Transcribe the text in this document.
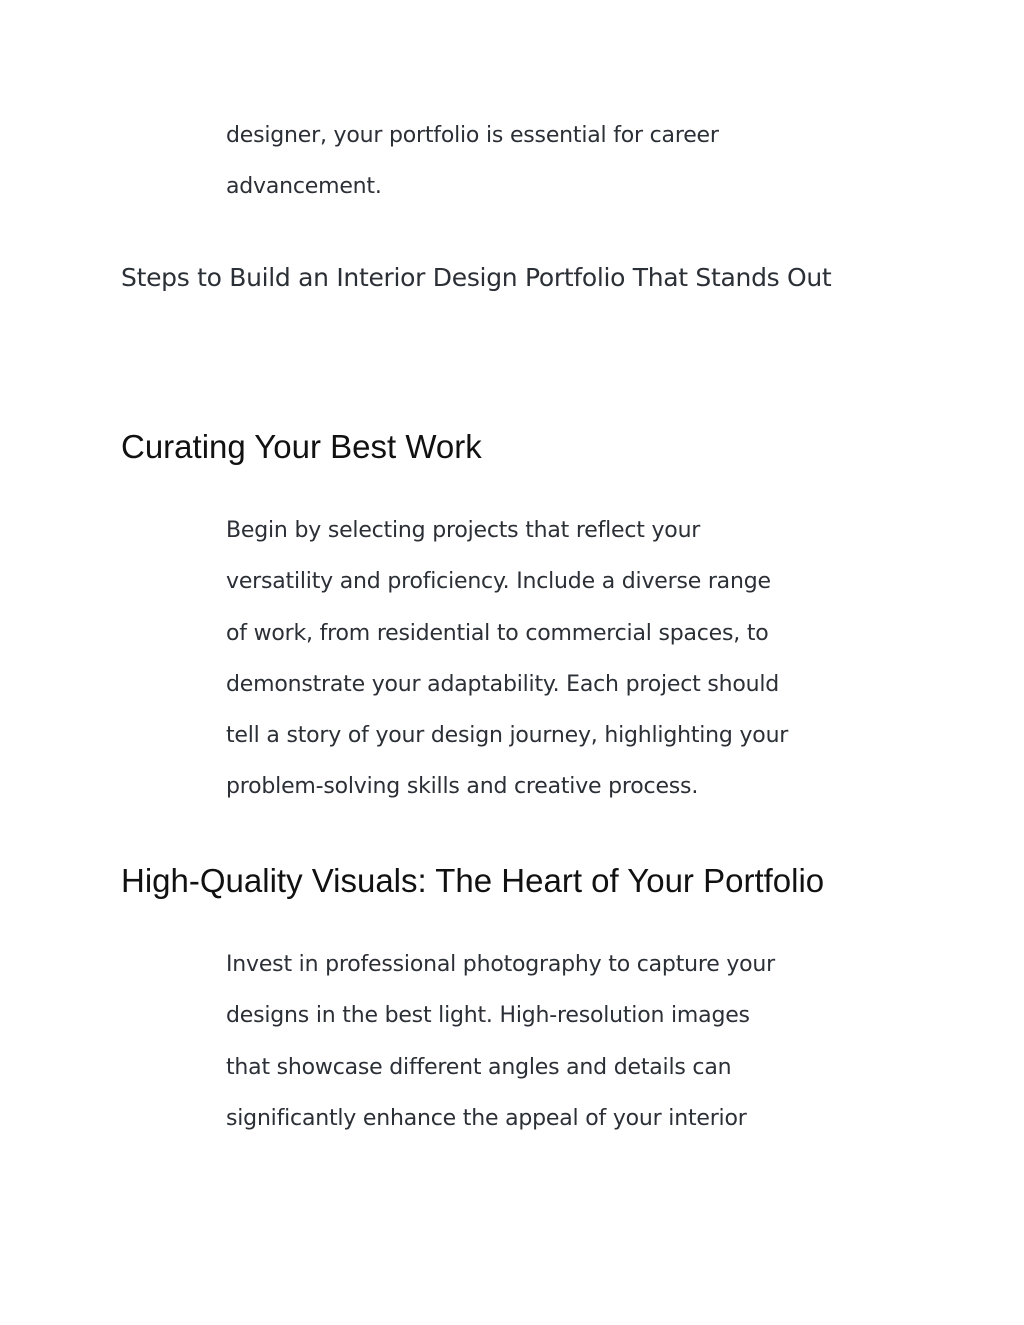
designer, your portfolio is essential for career
advancement.

Steps to Build an Interior Design Portfolio That Stands Out
Curating Your Best Work

Begin by selecting projects that reflect your
versatility and proficiency. Include a diverse range
of work, from residential to commercial spaces, to
demonstrate your adaptability. Each project should
tell a story of your design journey, highlighting your
problem-solving skills and creative process.

High-Quality Visuals: The Heart of Your Portfolio

Invest in professional photography to capture your
designs in the best light. High-resolution images
that showcase different angles and details can
significantly enhance the appeal of your interior
